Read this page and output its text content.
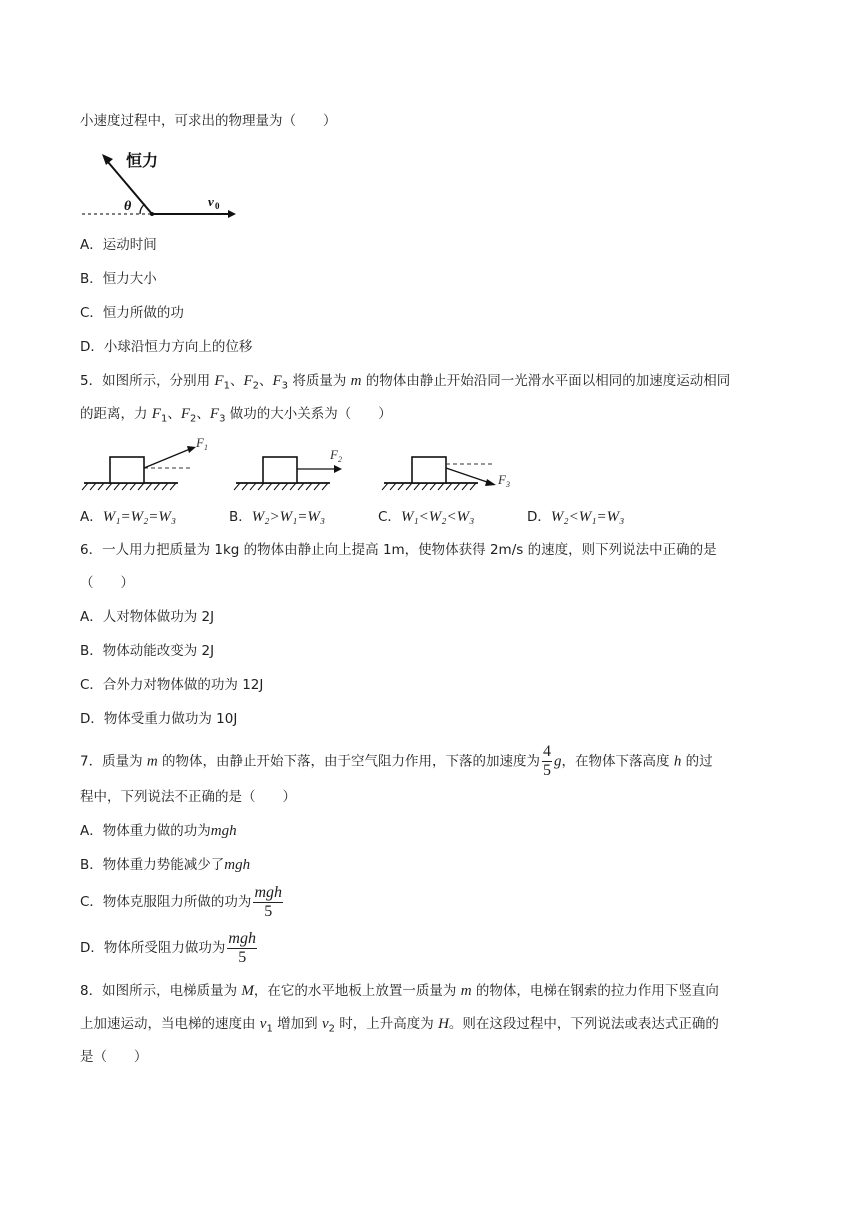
小速度过程中，可求出的物理量为（　　）
恒力
θ	v 0
A．运动时间
B．恒力大小
C．恒力所做的功
D．小球沿恒力方向上的位移
5．如图所示，分别用 $F_1$、$F_2$、$F_3$ 将质量为 m 的物体由静止开始沿同一光滑水平面以相同的加速度运动相同
的距离，力 $F_1$、$F_2$、$F_3$ 做功的大小关系为（　　）
$F_1$	$F_2$
$F_3$
A．W₁=W₂=W₃	B．W₂>W₁=W₃	C．W₁<W₂<W₃	D．W₂<W₁=W₃
6．一人用力把质量为 1kg 的物体由静止向上提高 1m，使物体获得 2m/s 的速度，则下列说法中正确的是
（　　）
A．人对物体做功为 2J
B．物体动能改变为 2J
C．合外力对物体做的功为 12J
D．物体受重力做功为 10J
7．质量为 m 的物体，由静止开始下落，由于空气阻力作用，下落的加速度为 $\frac{4}{5}$ g，在物体下落高度 h 的过
程中，下列说法不正确的是（　　）
A．物体重力做的功为mgh
B．物体重力势能减少了mgh
C．物体克服阻力所做的功为 $\frac{\text{mgh}}{5}$
D．物体所受阻力做功为 $\frac{\text{mgh}}{5}$
8．如图所示，电梯质量为 M，在它的水平地板上放置一质量为 m 的物体，电梯在钢索的拉力作用下竖直向
上加速运动，当电梯的速度由 $v_1$ 增加到 $v_2$ 时，上升高度为 H。则在这段过程中，下列说法或表达式正确的
是（　　）
